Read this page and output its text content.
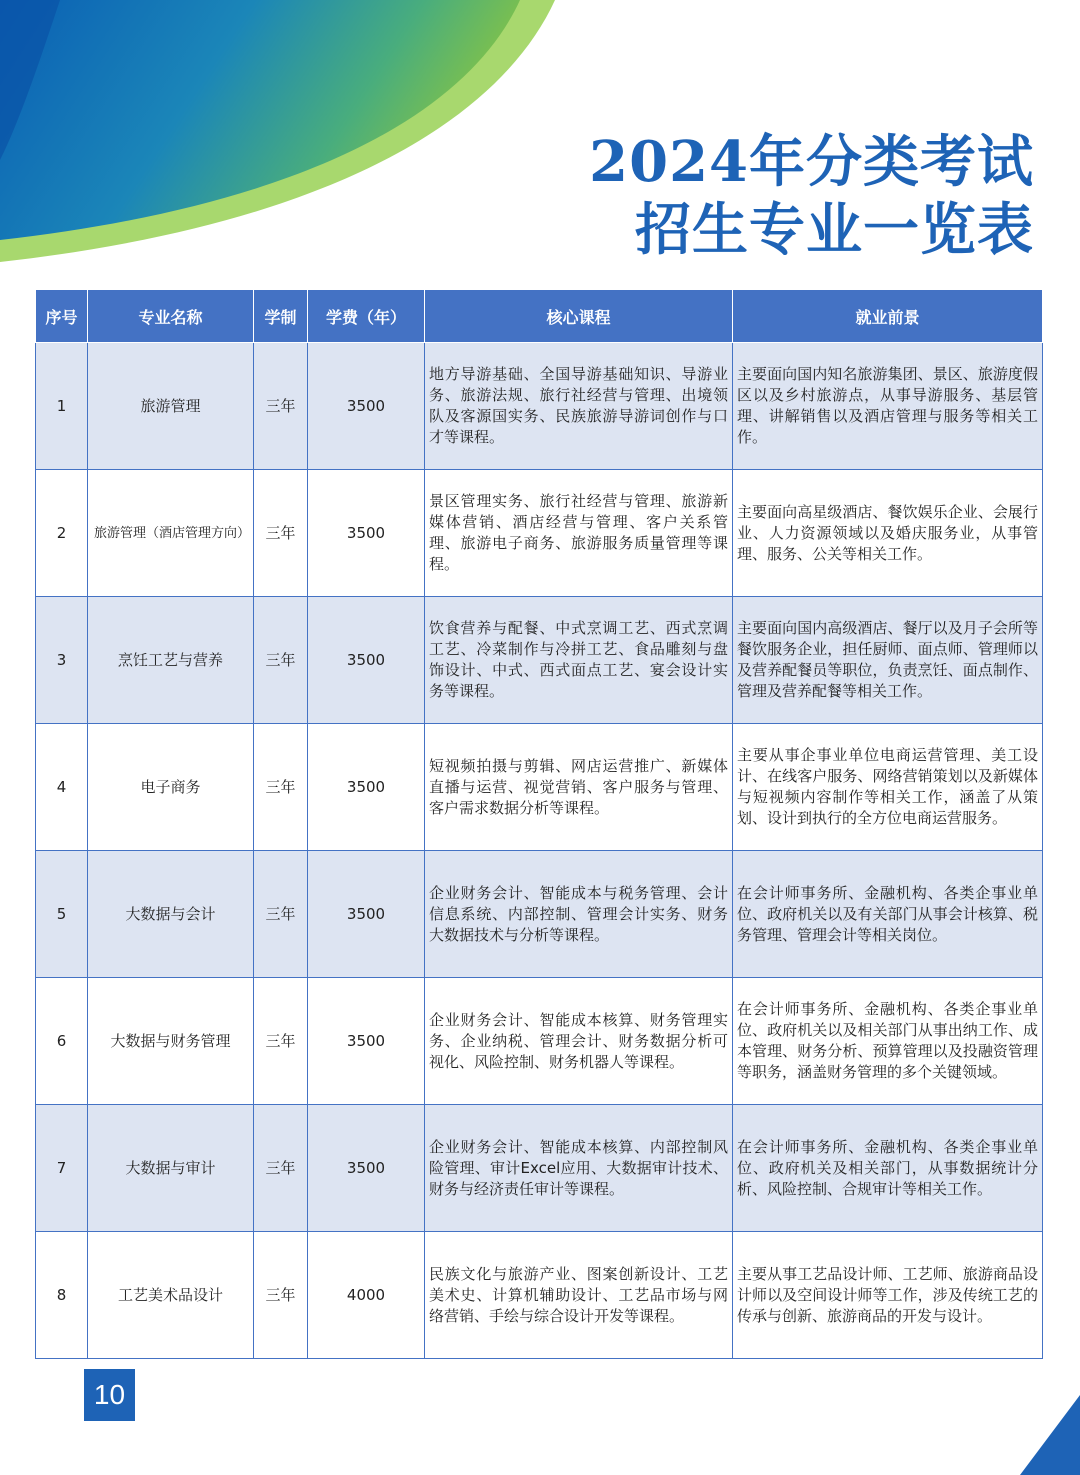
2024年分类考试
招生专业一览表
序号	专业名称	学制	学费（年）	核心课程	就业前景
1	旅游管理	三年	3500	地方导游基础、全国导游基础知识、导游业务、旅游法规、旅行社经营与管理、出境领队及客源国实务、民族旅游导游词创作与口才等课程。	主要面向国内知名旅游集团、景区、旅游度假区以及乡村旅游点，从事导游服务、基层管理、讲解销售以及酒店管理与服务等相关工作。
2	旅游管理（酒店管理方向）	三年	3500	景区管理实务、旅行社经营与管理、旅游新媒体营销、酒店经营与管理、客户关系管理、旅游电子商务、旅游服务质量管理等课程。	主要面向高星级酒店、餐饮娱乐企业、会展行业、人力资源领域以及婚庆服务业，从事管理、服务、公关等相关工作。
3	烹饪工艺与营养	三年	3500	饮食营养与配餐、中式烹调工艺、西式烹调工艺、冷菜制作与冷拼工艺、食品雕刻与盘饰设计、中式、西式面点工艺、宴会设计实务等课程。	主要面向国内高级酒店、餐厅以及月子会所等餐饮服务企业，担任厨师、面点师、管理师以及营养配餐员等职位，负责烹饪、面点制作、管理及营养配餐等相关工作。
4	电子商务	三年	3500	短视频拍摄与剪辑、网店运营推广、新媒体直播与运营、视觉营销、客户服务与管理、客户需求数据分析等课程。	主要从事企事业单位电商运营管理、美工设计、在线客户服务、网络营销策划以及新媒体与短视频内容制作等相关工作，涵盖了从策划、设计到执行的全方位电商运营服务。
5	大数据与会计	三年	3500	企业财务会计、智能成本与税务管理、会计信息系统、内部控制、管理会计实务、财务大数据技术与分析等课程。	在会计师事务所、金融机构、各类企事业单位、政府机关以及有关部门从事会计核算、税务管理、管理会计等相关岗位。
6	大数据与财务管理	三年	3500	企业财务会计、智能成本核算、财务管理实务、企业纳税、管理会计、财务数据分析可视化、风险控制、财务机器人等课程。	在会计师事务所、金融机构、各类企事业单位、政府机关以及相关部门从事出纳工作、成本管理、财务分析、预算管理以及投融资管理等职务，涵盖财务管理的多个关键领域。
7	大数据与审计	三年	3500	企业财务会计、智能成本核算、内部控制风险管理、审计Excel应用、大数据审计技术、财务与经济责任审计等课程。	在会计师事务所、金融机构、各类企事业单位、政府机关及相关部门，从事数据统计分析、风险控制、合规审计等相关工作。
8	工艺美术品设计	三年	4000	民族文化与旅游产业、图案创新设计、工艺美术史、计算机辅助设计、工艺品市场与网络营销、手绘与综合设计开发等课程。	主要从事工艺品设计师、工艺师、旅游商品设计师以及空间设计师等工作，涉及传统工艺的传承与创新、旅游商品的开发与设计。
10
